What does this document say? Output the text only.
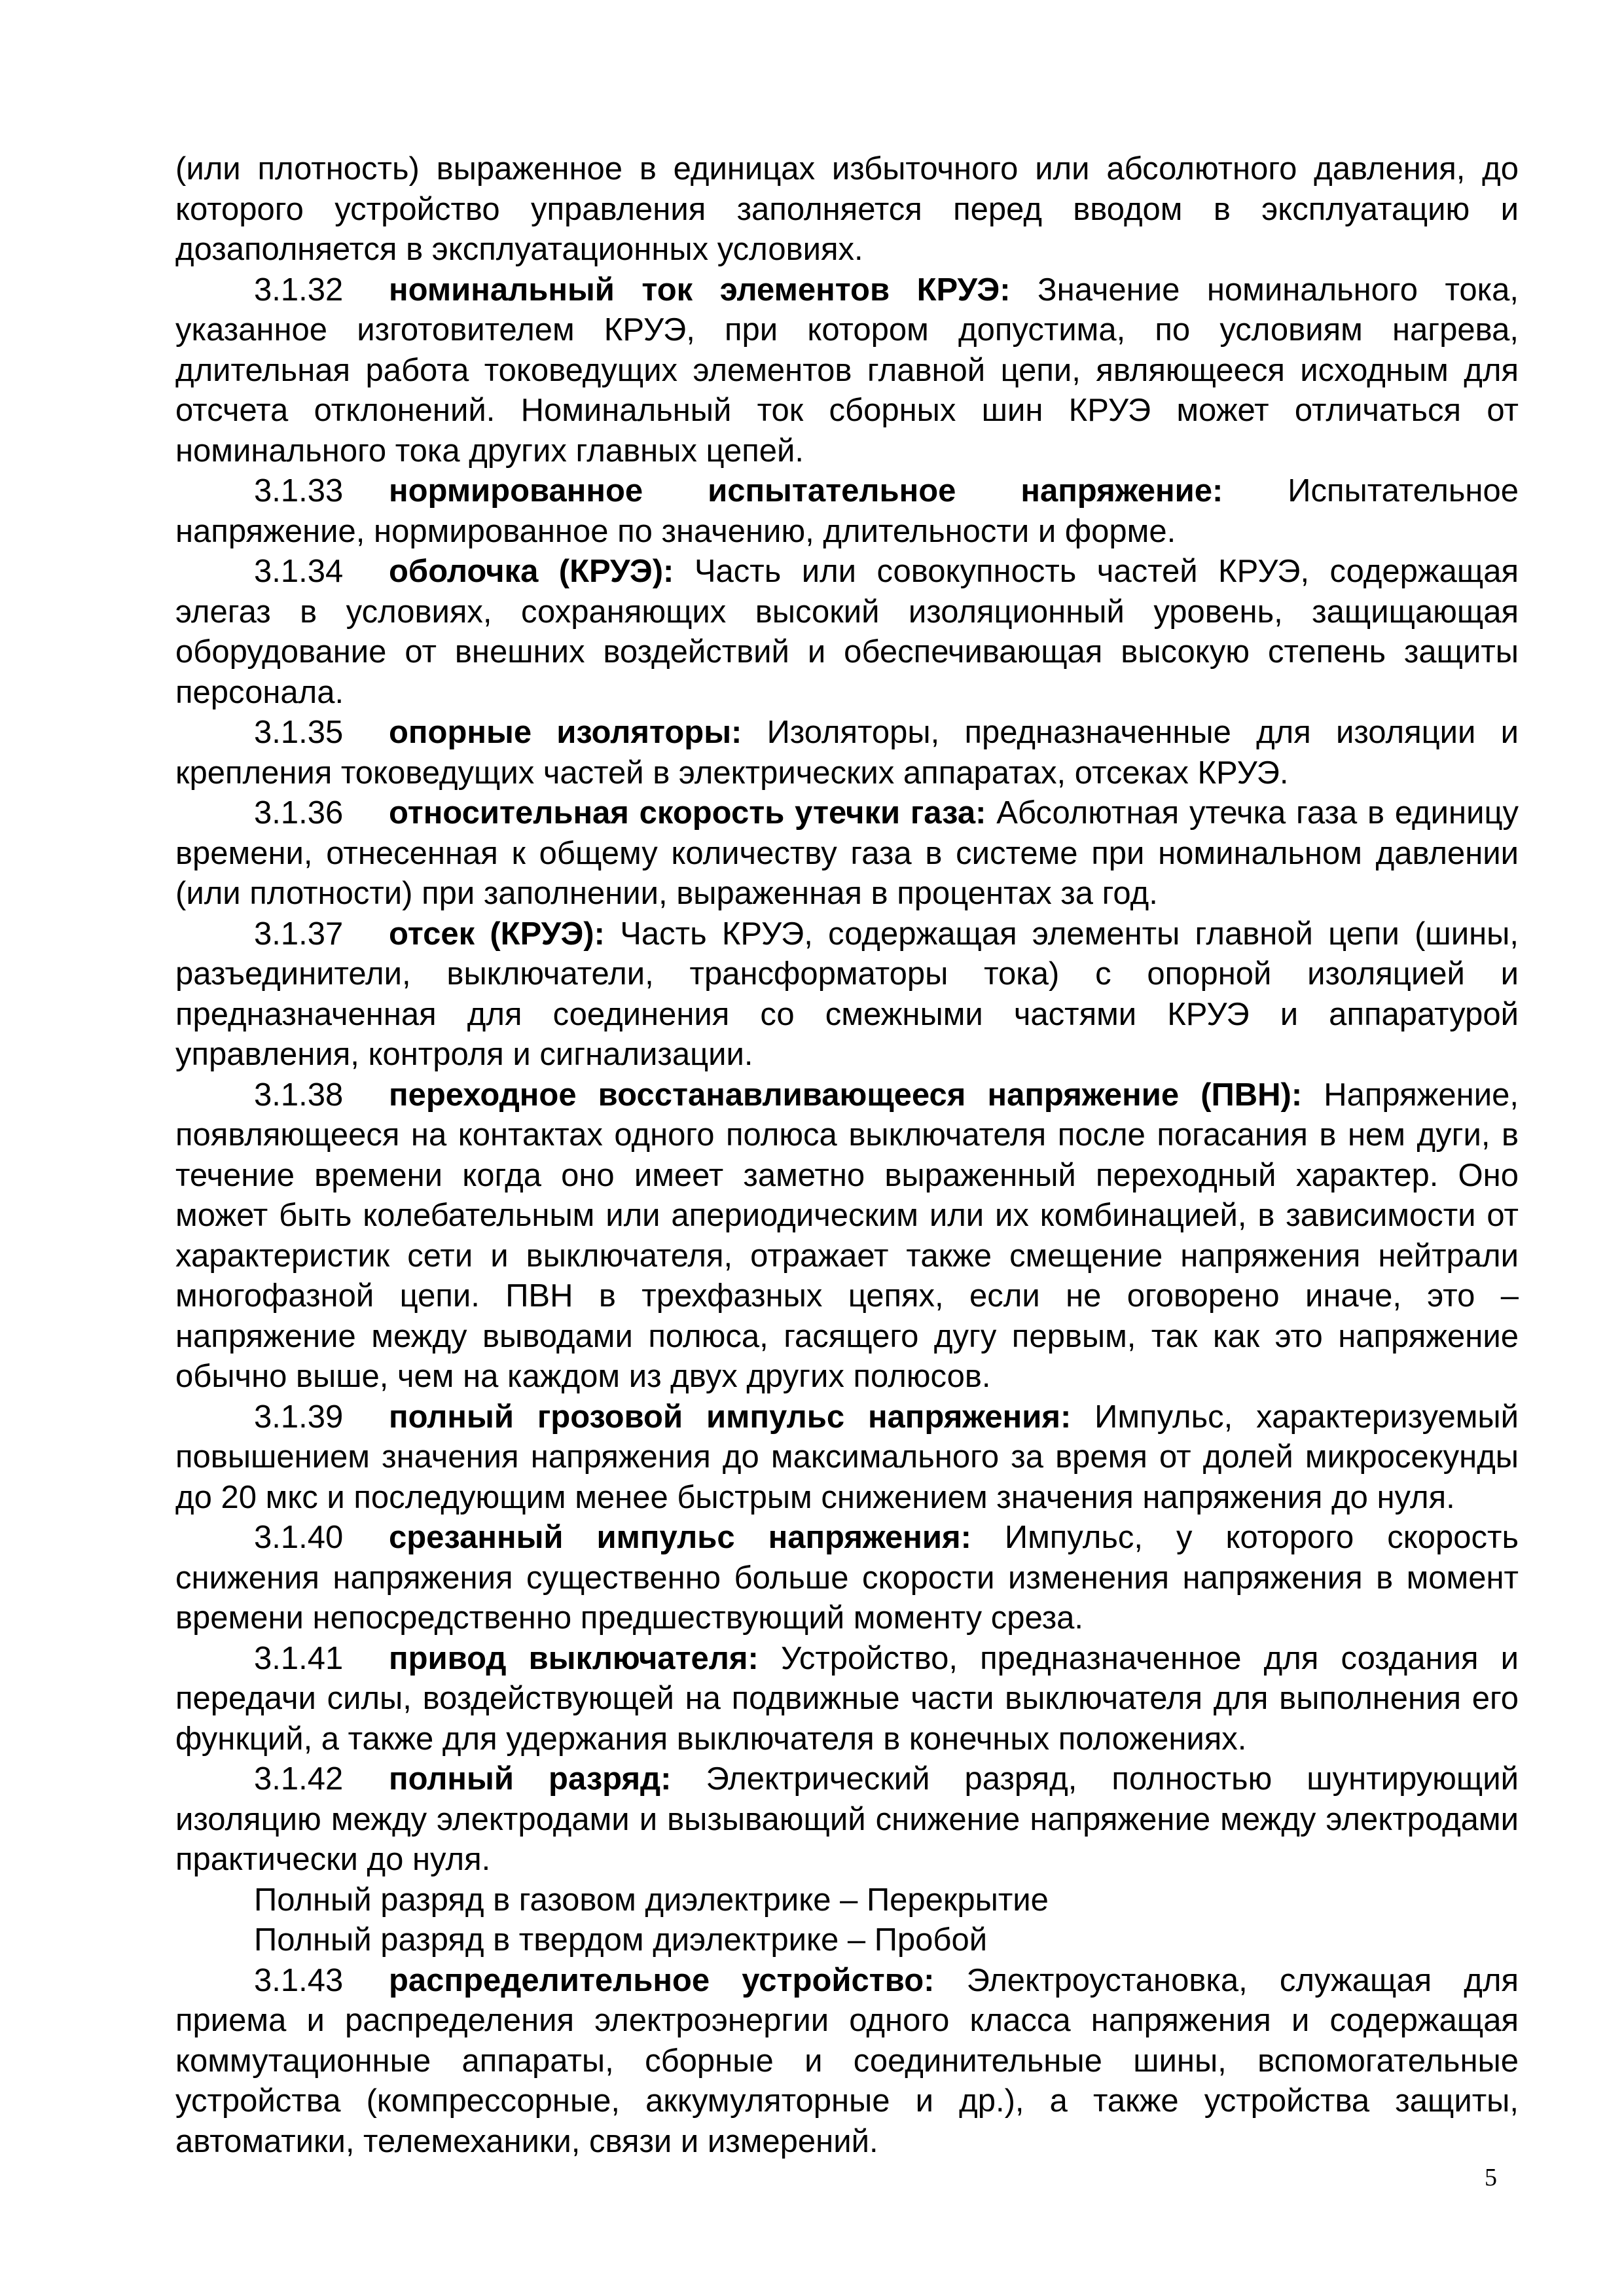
(или плотность) выраженное в единицах избыточного или абсолютного давления, до которого устройство управления заполняется перед вводом в эксплуатацию и дозаполняется в эксплуатационных условиях.

3.1.32 номинальный ток элементов КРУЭ: Значение номинального тока, указанное изготовителем КРУЭ, при котором допустима, по условиям нагрева, длительная работа токоведущих элементов главной цепи, являющееся исходным для отсчета отклонений. Номинальный ток сборных шин КРУЭ может отличаться от номинального тока других главных цепей.

3.1.33 нормированное испытательное напряжение: Испытательное напряжение, нормированное по значению, длительности и форме.

3.1.34 оболочка (КРУЭ): Часть или совокупность частей КРУЭ, содержащая элегаз в условиях, сохраняющих высокий изоляционный уровень, защищающая оборудование от внешних воздействий и обеспечивающая высокую степень защиты персонала.

3.1.35 опорные изоляторы: Изоляторы, предназначенные для изоляции и крепления токоведущих частей в электрических аппаратах, отсеках КРУЭ.

3.1.36 относительная скорость утечки газа: Абсолютная утечка газа в единицу времени, отнесенная к общему количеству газа в системе при номинальном давлении (или плотности) при заполнении, выраженная в процентах за год.

3.1.37 отсек (КРУЭ): Часть КРУЭ, содержащая элементы главной цепи (шины, разъединители, выключатели, трансформаторы тока) с опорной изоляцией и предназначенная для соединения со смежными частями КРУЭ и аппаратурой управления, контроля и сигнализации.

3.1.38 переходное восстанавливающееся напряжение (ПВН): Напряжение, появляющееся на контактах одного полюса выключателя после погасания в нем дуги, в течение времени когда оно имеет заметно выраженный переходный характер. Оно может быть колебательным или апериодическим или их комбинацией, в зависимости от характеристик сети и выключателя, отражает также смещение напряжения нейтрали многофазной цепи. ПВН в трехфазных цепях, если не оговорено иначе, это – напряжение между выводами полюса, гасящего дугу первым, так как это напряжение обычно выше, чем на каждом из двух других полюсов.

3.1.39 полный грозовой импульс напряжения: Импульс, характеризуемый повышением значения напряжения до максимального за время от долей микросекунды до 20 мкс и последующим менее быстрым снижением значения напряжения до нуля.

3.1.40 срезанный импульс напряжения: Импульс, у которого скорость снижения напряжения существенно больше скорости изменения напряжения в момент времени непосредственно предшествующий моменту среза.

3.1.41 привод выключателя: Устройство, предназначенное для создания и передачи силы, воздействующей на подвижные части выключателя для выполнения его функций, а также для удержания выключателя в конечных положениях.

3.1.42 полный разряд: Электрический разряд, полностью шунтирующий изоляцию между электродами и вызывающий снижение напряжение между электродами практически до нуля.

Полный разряд в газовом диэлектрике – Перекрытие

Полный разряд в твердом диэлектрике – Пробой

3.1.43 распределительное устройство: Электроустановка, служащая для приема и распределения электроэнергии одного класса напряжения и содержащая коммутационные аппараты, сборные и соединительные шины, вспомогательные устройства (компрессорные, аккумуляторные и др.), а также устройства защиты, автоматики, телемеханики, связи и измерений.

5
